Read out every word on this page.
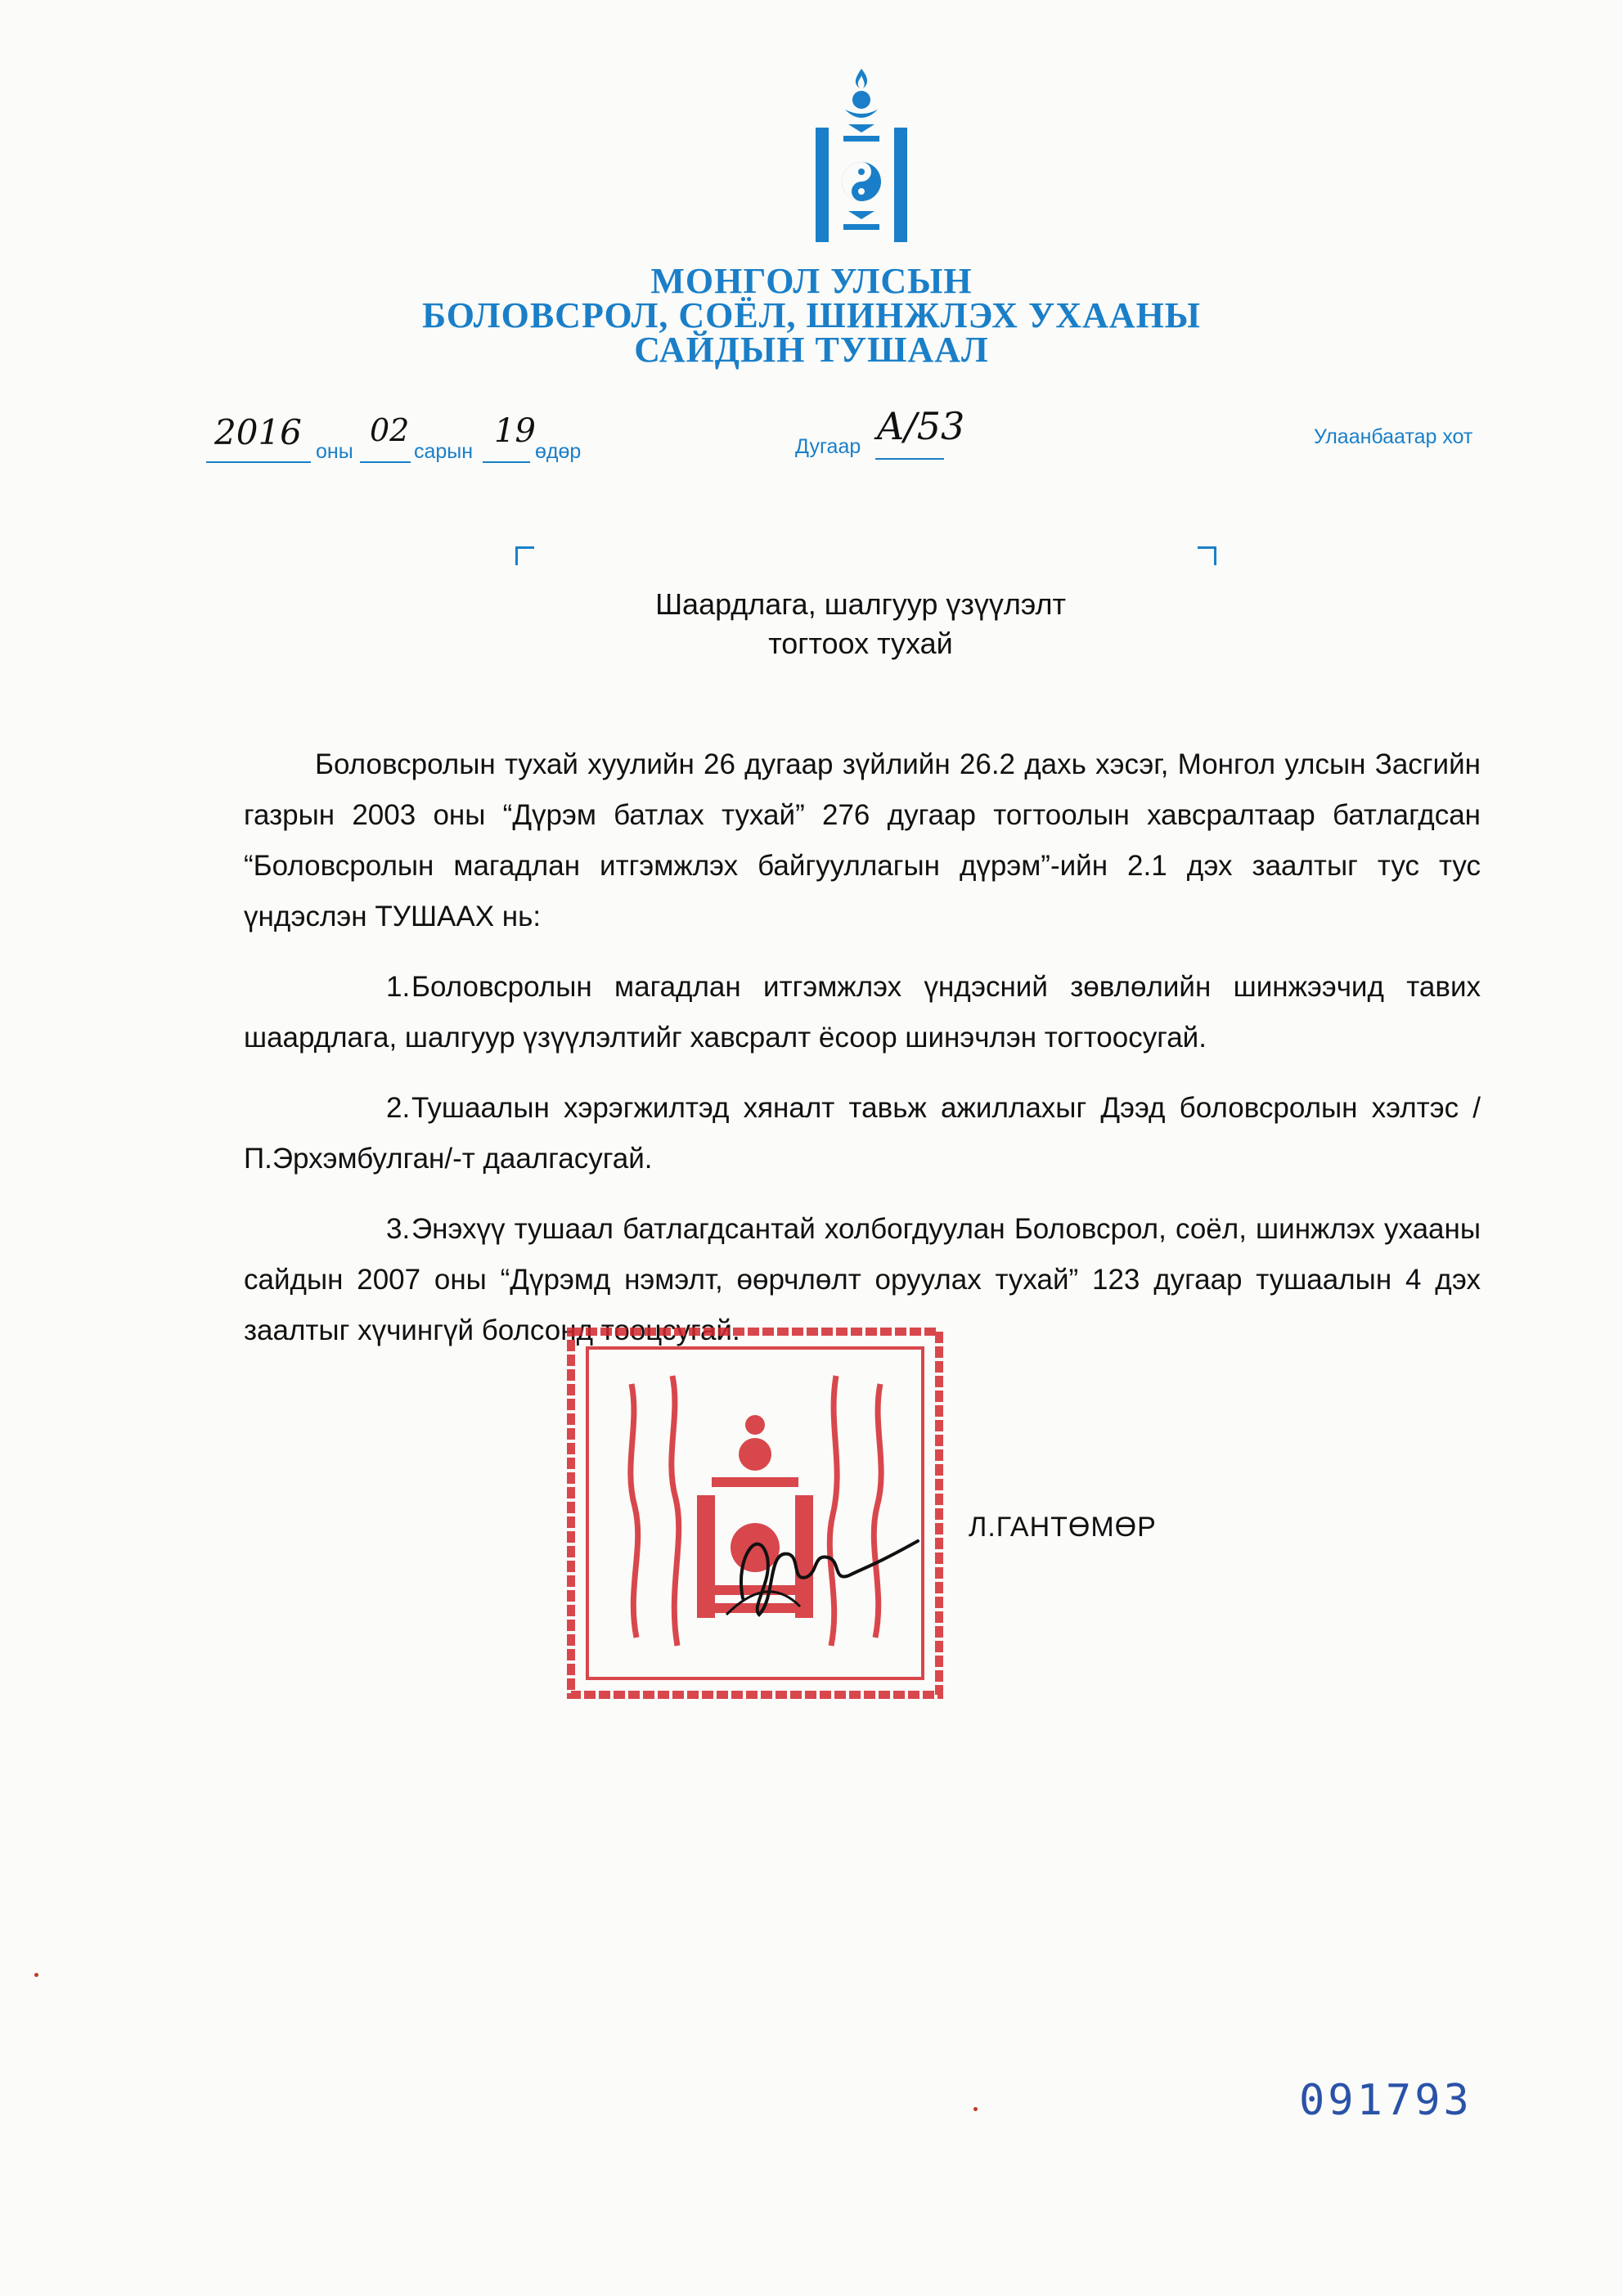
МОНГОЛ УЛСЫН
БОЛОВСРОЛ, СОЁЛ, ШИНЖЛЭХ УХААНЫ
САЙДЫН ТУШААЛ
2016 оны
02
сарын
19
өдөр	Дугаар A/53	Улаанбаатар хот
Шаардлага, шалгуур үзүүлэлт
тогтоох тухай

Боловсролын тухай хуулийн 26 дугаар зүйлийн 26.2 дахь хэсэг, Монгол улсын Засгийн газрын 2003 оны “Дүрэм батлах тухай” 276 дугаар тогтоолын хавсралтаар батлагдсан “Боловсролын магадлан итгэмжлэх байгууллагын дүрэм”-ийн 2.1 дэх заалтыг тус тус үндэслэн ТУШААХ нь:

1.Боловсролын магадлан итгэмжлэх үндэсний зөвлөлийн шинжээчид тавих шаардлага, шалгуур үзүүлэлтийг хавсралт ёсоор шинэчлэн тогтоосугай.

2.Тушаалын хэрэгжилтэд хяналт тавьж ажиллахыг Дээд боловсролын хэлтэс /П.Эрхэмбулган/-т даалгасугай.

3.Энэхүү тушаал батлагдсантай холбогдуулан Боловсрол, соёл, шинжлэх ухааны сайдын 2007 оны “Дүрэмд нэмэлт, өөрчлөлт оруулах тухай” 123 дугаар тушаалын 4 дэх заалтыг хүчингүй болсонд тооцсугай.

Л.ГАНТӨМӨР
091793
